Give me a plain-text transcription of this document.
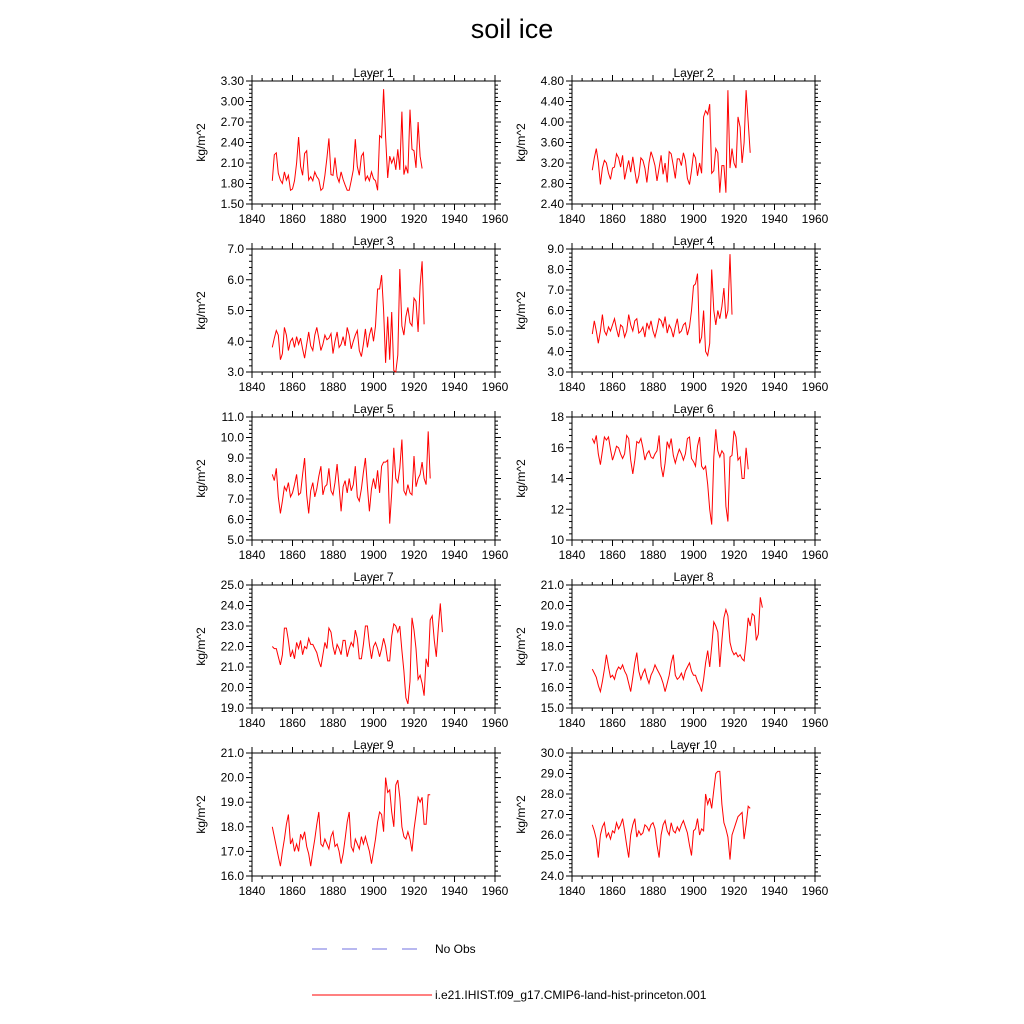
soil ice
Layer 1
kg/m^2
1840 1860 1880 1900 1920 1940 1960
1.50
1.80
2.10
2.40
2.70
3.00
3.30
Layer 2
kg/m^2
1840 1860 1880 1900 1920 1940 1960
2.40
2.80
3.20
3.60
4.00
4.40
4.80
Layer 3
kg/m^2
1840 1860 1880 1900 1920 1940 1960
3.0
4.0
5.0
6.0
7.0
Layer 4
kg/m^2
1840 1860 1880 1900 1920 1940 1960
3.0
4.0
5.0
6.0
7.0
8.0
9.0
Layer 5
kg/m^2
1840 1860 1880 1900 1920 1940 1960
5.0
6.0
7.0
8.0
9.0
10.0
11.0
Layer 6
kg/m^2
1840 1860 1880 1900 1920 1940 1960
10
12
14
16
18
Layer 7
kg/m^2
1840 1860 1880 1900 1920 1940 1960
19.0
20.0
21.0
22.0
23.0
24.0
25.0
Layer 8
kg/m^2
1840 1860 1880 1900 1920 1940 1960
15.0
16.0
17.0
18.0
19.0
20.0
21.0
Layer 9
kg/m^2
1840 1860 1880 1900 1920 1940 1960
16.0
17.0
18.0
19.0
20.0
21.0
Layer 10
kg/m^2
1840 1860 1880 1900 1920 1940 1960
24.0
25.0
26.0
27.0
28.0
29.0
30.0
No Obs
i.e21.IHIST.f09_g17.CMIP6-land-hist-princeton.001
